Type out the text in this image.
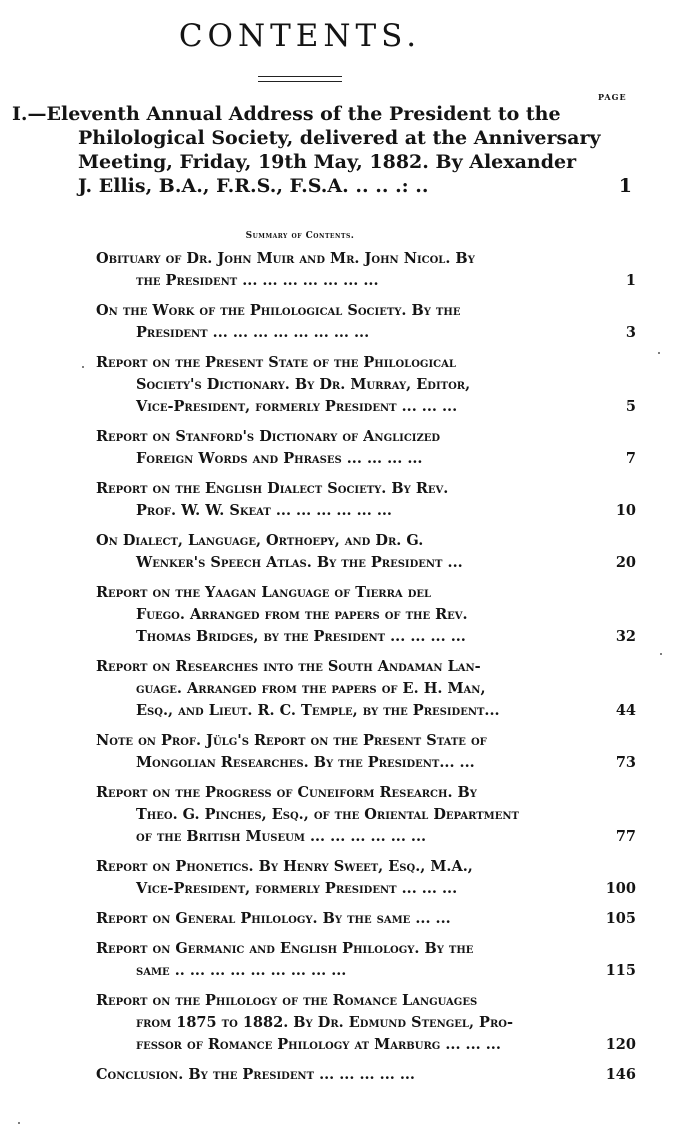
CONTENTS.
PAGE
I.—Eleventh Annual Address of the President to the
Philological Society, delivered at the Anniversary
Meeting, Friday, 19th May, 1882. By Alexander
J. Ellis, B.A., F.R.S., F.S.A. .. .. .: ..	1
Summary of Contents.
Obituary of Dr. John Muir and Mr. John Nicol. By
the President ... ... ... ... ... ... ...	1
On the Work of the Philological Society. By the
President ... ... ... ... ... ... ... ...	3
Report on the Present State of the Philological
Society's Dictionary. By Dr. Murray, Editor,
Vice-President, formerly President ... ... ...	5
Report on Stanford's Dictionary of Anglicized
Foreign Words and Phrases ... ... ... ...	7
Report on the English Dialect Society. By Rev.
Prof. W. W. Skeat ... ... ... ... ... ...	10
On Dialect, Language, Orthoepy, and Dr. G.
Wenker's Speech Atlas. By the President ...	20
Report on the Yaagan Language of Tierra del
Fuego. Arranged from the papers of the Rev.
Thomas Bridges, by the President ... ... ... ...	32
Report on Researches into the South Andaman Lan-
guage. Arranged from the papers of E. H. Man,
Esq., and Lieut. R. C. Temple, by the President...	44
Note on Prof. Jülg's Report on the Present State of
Mongolian Researches. By the President... ...	73
Report on the Progress of Cuneiform Research. By
Theo. G. Pinches, Esq., of the Oriental Department
of the British Museum ... ... ... ... ... ...	77
Report on Phonetics. By Henry Sweet, Esq., M.A.,
Vice-President, formerly President ... ... ...	100
Report on General Philology. By the same ... ...	105
Report on Germanic and English Philology. By the
same .. ... ... ... ... ... ... ... ...	115
Report on the Philology of the Romance Languages
from 1875 to 1882. By Dr. Edmund Stengel, Pro-
fessor of Romance Philology at Marburg ... ... ...	120
Conclusion. By the President ... ... ... ... ...	146
